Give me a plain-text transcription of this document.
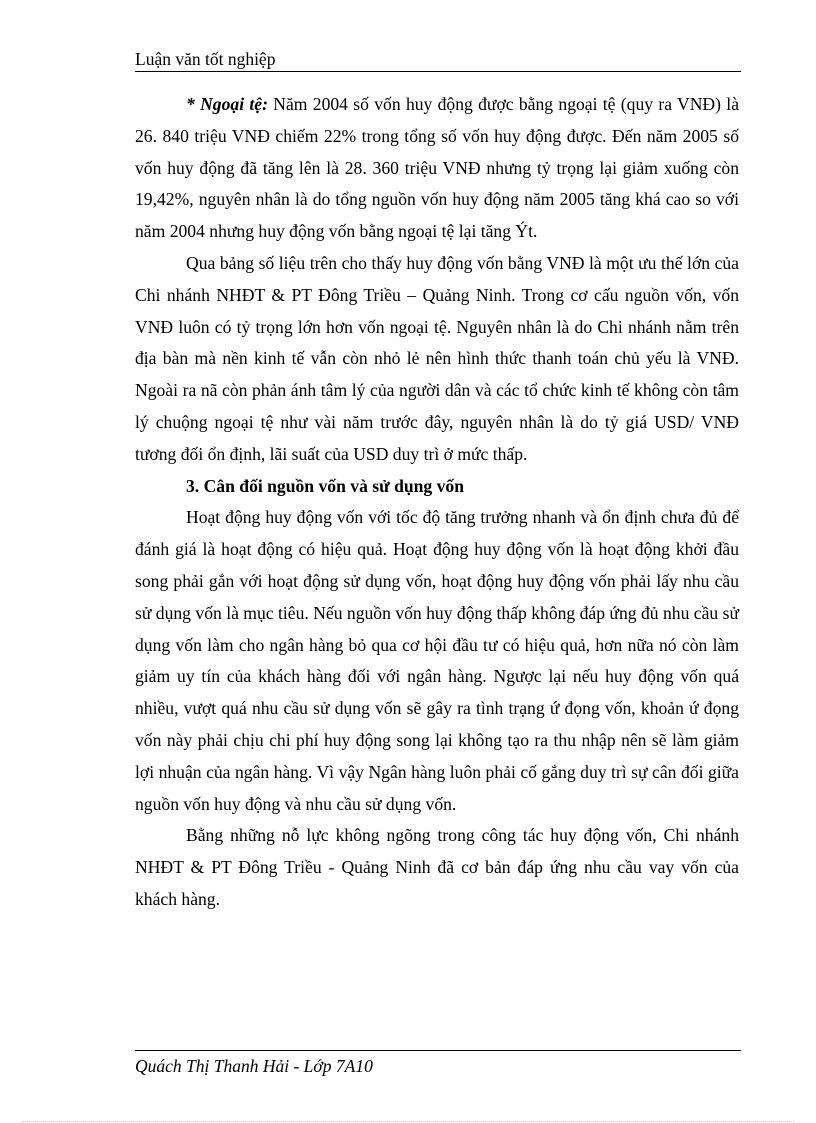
Luận văn tốt nghiệp

* Ngoại tệ: Năm 2004 số vốn huy động được bằng ngoại tệ (quy ra VNĐ) là 26. 840 triệu VNĐ chiếm 22% trong tổng số vốn huy động được. Đến năm 2005 số vốn huy động đã tăng lên là 28. 360 triệu VNĐ nhưng tỷ trọng lại giảm xuống còn 19,42%, nguyên nhân là do tổng nguồn vốn huy động năm 2005 tăng khá cao so với năm 2004 nhưng huy động vốn bằng ngoại tệ lại tăng Ýt.

Qua bảng số liệu trên cho thấy huy động vốn bằng VNĐ là một ưu thế lớn của Chi nhánh NHĐT & PT Đông Triều – Quảng Ninh. Trong cơ cấu nguồn vốn, vốn VNĐ luôn có tỷ trọng lớn hơn vốn ngoại tệ. Nguyên nhân là do Chi nhánh nằm trên địa bàn mà nền kinh tế vẫn còn nhỏ lẻ nên hình thức thanh toán chủ yếu là VNĐ. Ngoài ra nã còn phản ánh tâm lý của người dân và các tổ chức kinh tế không còn tâm lý chuộng ngoại tệ như vài năm trước đây, nguyên nhân là do tỷ giá USD/ VNĐ tương đối ổn định, lãi suất của USD duy trì ở mức thấp.

3. Cân đối nguồn vốn và sử dụng vốn

Hoạt động huy động vốn với tốc độ tăng trưởng nhanh và ổn định chưa đủ để đánh giá là hoạt động có hiệu quả. Hoạt động huy động vốn là hoạt động khởi đầu song phải gắn với hoạt động sử dụng vốn, hoạt động huy động vốn phải lấy nhu cầu sử dụng vốn là mục tiêu. Nếu nguồn vốn huy động thấp không đáp ứng đủ nhu cầu sử dụng vốn làm cho ngân hàng bỏ qua cơ hội đầu tư có hiệu quả, hơn nữa nó còn làm giảm uy tín của khách hàng đối với ngân hàng. Ngược lại nếu huy động vốn quá nhiều, vượt quá nhu cầu sử dụng vốn sẽ gây ra tình trạng ứ đọng vốn, khoản ứ đọng vốn này phải chịu chi phí huy động song lại không tạo ra thu nhập nên sẽ làm giảm lợi nhuận của ngân hàng. Vì vậy Ngân hàng luôn phải cố gắng duy trì sự cân đối giữa nguồn vốn huy động và nhu cầu sử dụng vốn.

Bằng những nỗ lực không ngõng trong công tác huy động vốn, Chi nhánh NHĐT & PT Đông Triều - Quảng Ninh đã cơ bản đáp ứng nhu cầu vay vốn của khách hàng.

Quách Thị Thanh Hải - Lớp 7A10
